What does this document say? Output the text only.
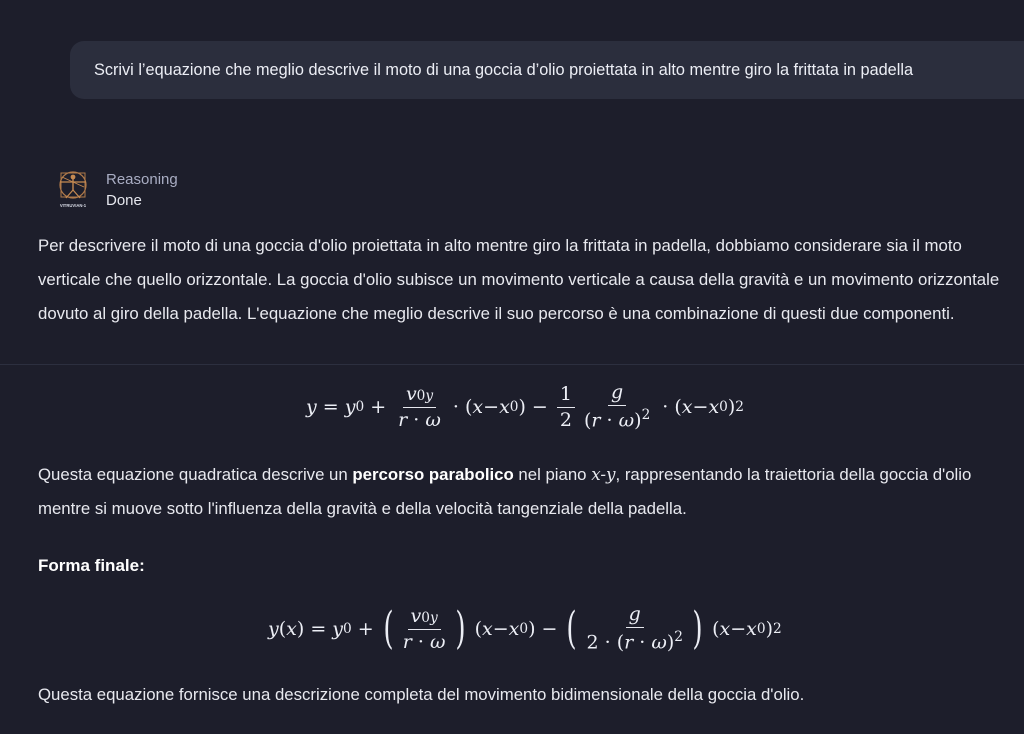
Scrivi l’equazione che meglio descrive il moto di una goccia d’olio proiettata in alto mentre giro la frittata in padella
VITRUVIAN-1
Reasoning
Done

Per descrivere il moto di una goccia d'olio proiettata in alto mentre giro la frittata in padella, dobbiamo considerare sia il moto verticale che quello orizzontale. La goccia d'olio subisce un movimento verticale a causa della gravità e un movimento orizzontale dovuto al giro della padella. L'equazione che meglio descrive il suo percorso è una combinazione di questi due componenti.

y = y $0 + \frac{v0y}{r \cdot \omega}$ · ( x − x 0 ) − $\frac{1}{2} \frac{g}{(r \cdot \omega)^2}$ · ( x − x 0 ) 2

Questa equazione quadratica descrive un percorso parabolico nel piano x-y, rappresentando la traiettoria della goccia d'olio mentre si muove sotto l'influenza della gravità e della velocità tangenziale della padella.

Forma finale:
y ( x ) = y 0 + ( $\frac{v0y}{r \cdot \omega}$ ) ( x − x 0 ) − ( $\frac{g}{2 \cdot (r \cdot \omega)^2}$ ) ( x − x 0 ) 2

Questa equazione fornisce una descrizione completa del movimento bidimensionale della goccia d'olio.
